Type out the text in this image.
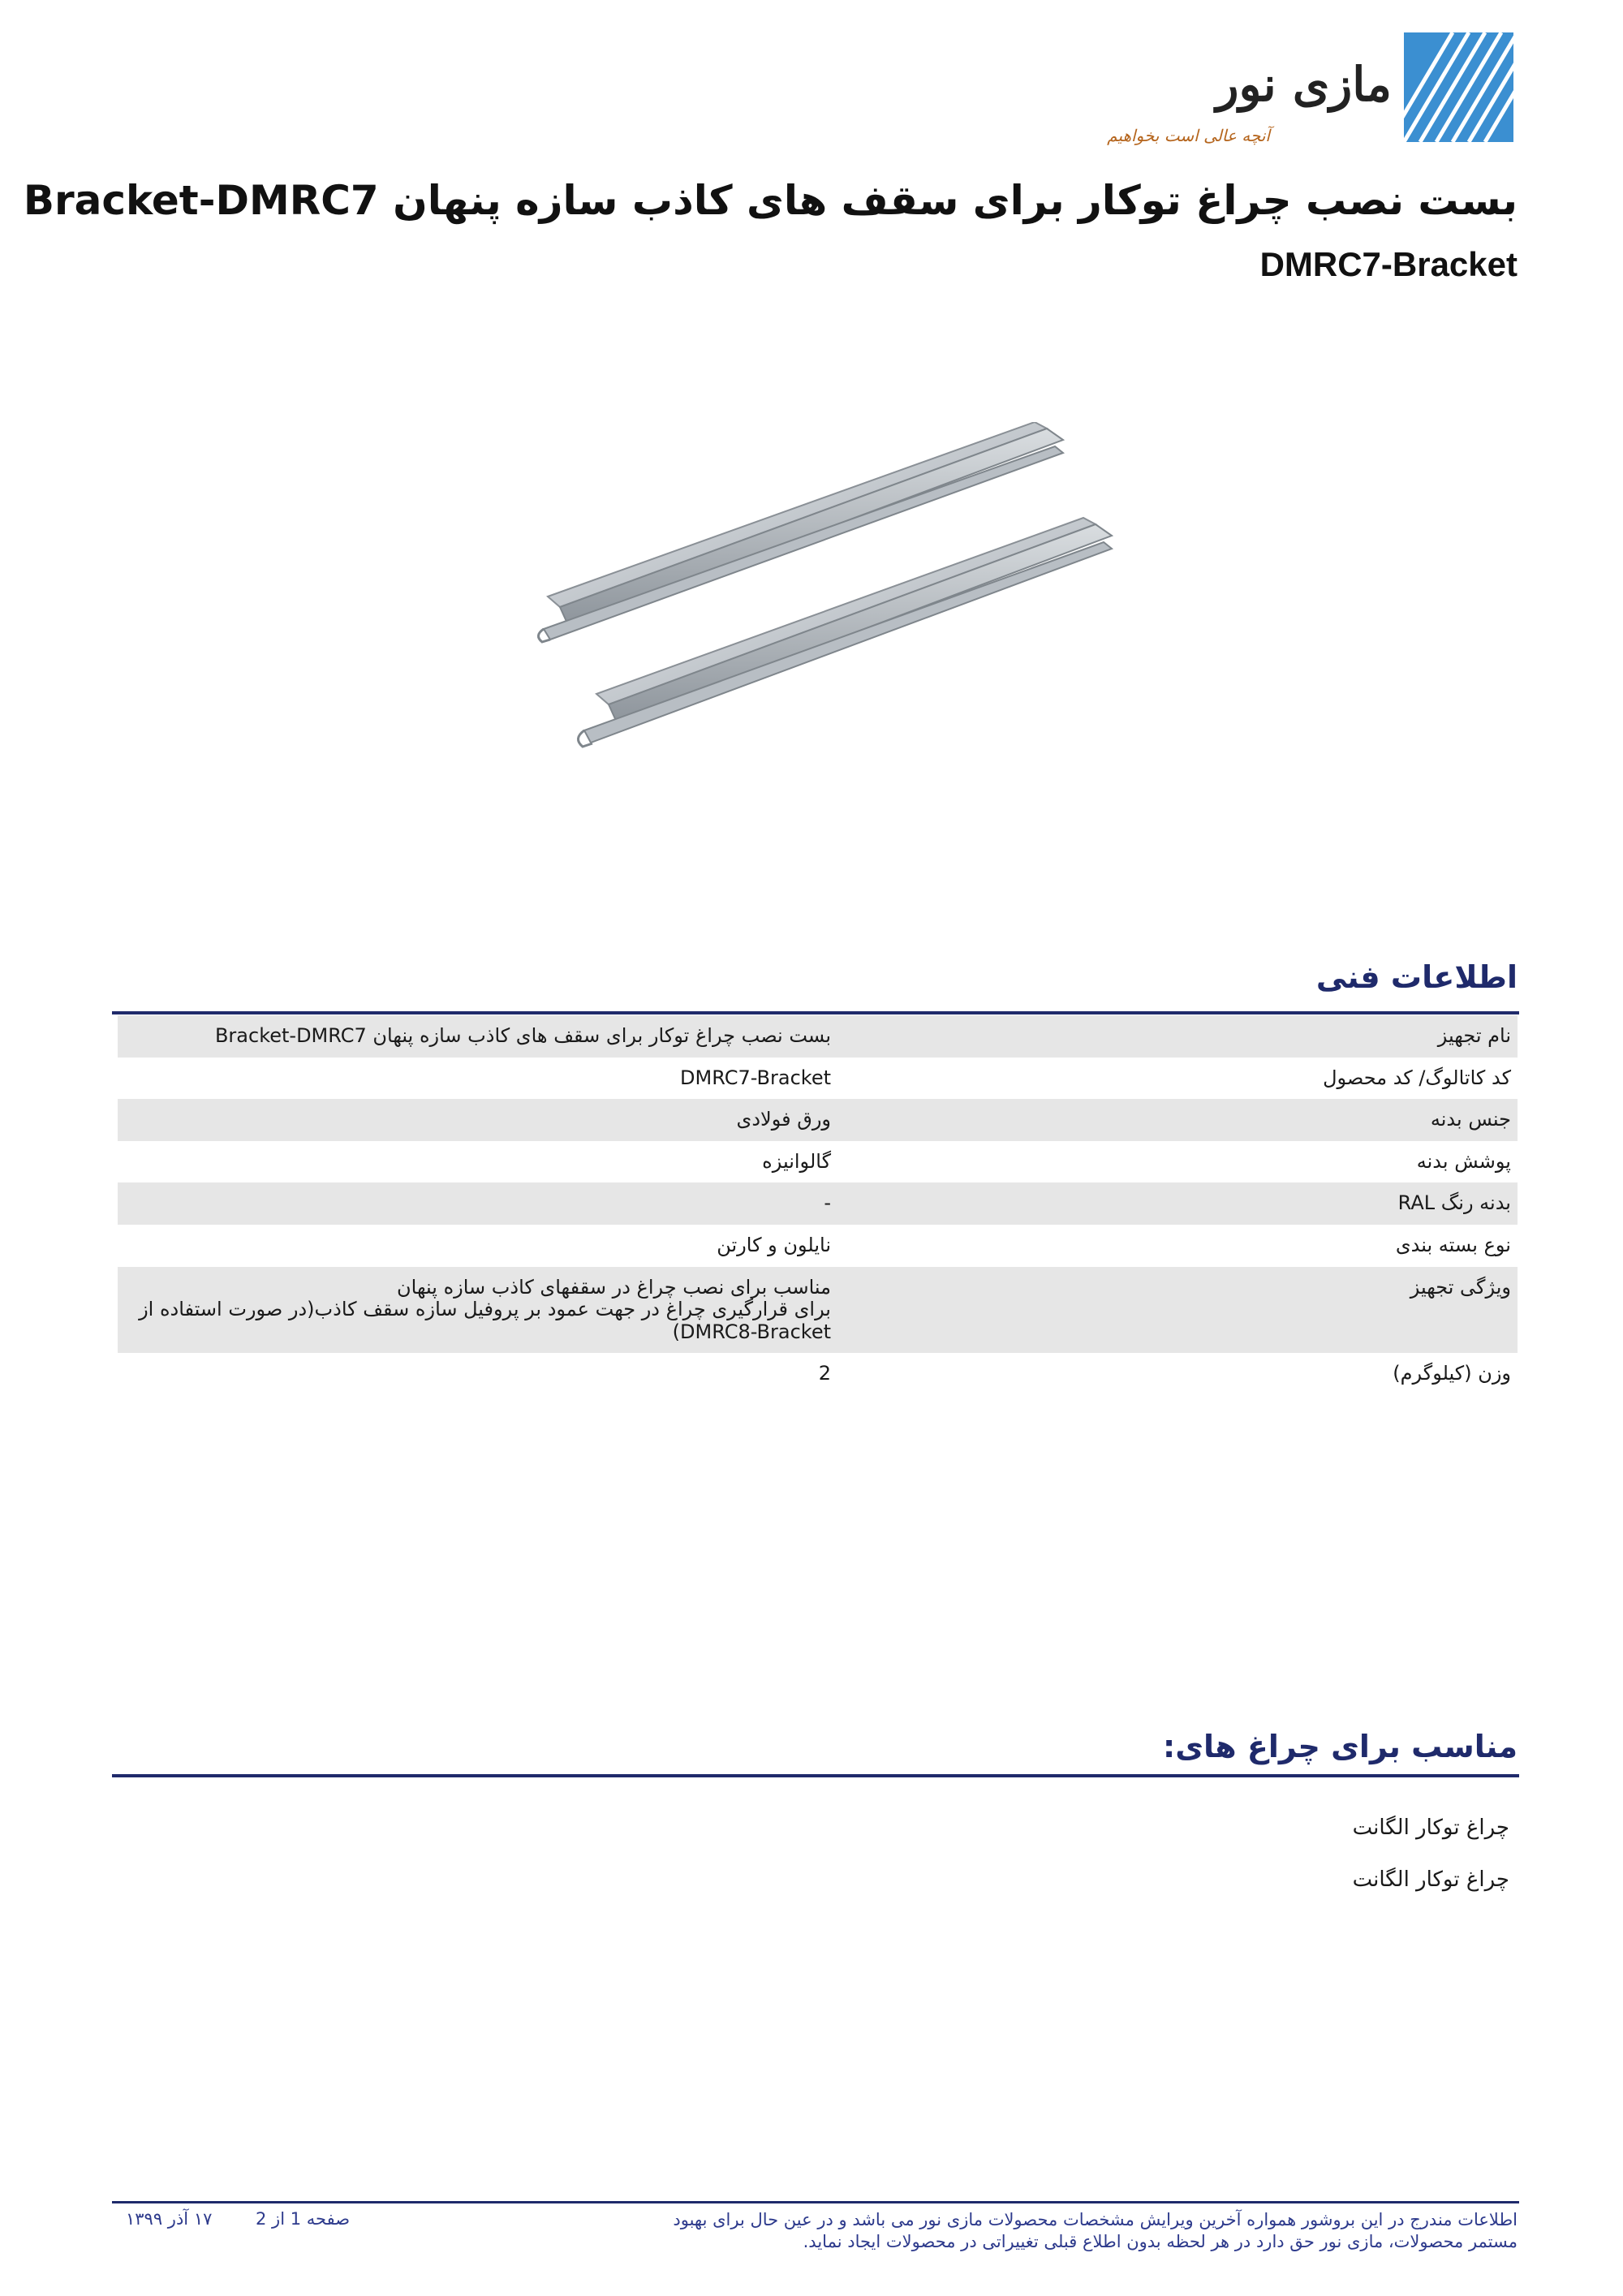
مازی نور
آنچه عالی است بخواهیم
بست نصب چراغ توکار برای سقف های کاذب سازه پنهان Bracket-DMRC7
DMRC7-Bracket
اطلاعات فنی
نام تجهیز	بست نصب چراغ توکار برای سقف های کاذب سازه پنهان Bracket-DMRC7
کد کاتالوگ/ کد محصول	DMRC7-Bracket
جنس بدنه	ورق فولادی
پوشش بدنه	گالوانیزه
بدنه رنگ RAL	-
نوع بسته بندی	نایلون و کارتن
ویژگی تجهیز	مناسب برای نصب چراغ در سقفهای کاذب سازه پنهان
برای قرارگیری چراغ در جهت عمود بر پروفیل سازه سقف کاذب(در صورت استفاده از DMRC8-Bracket)
وزن (کیلوگرم)	2
مناسب برای چراغ های:
چراغ توکار الگانت
چراغ توکار الگانت
اطلاعات مندرج در این بروشور همواره آخرین ویرایش مشخصات محصولات مازی نور می باشد و در عین حال برای بهبود مستمر محصولات، مازی نور حق دارد در هر لحظه بدون اطلاع قبلی تغییراتی در محصولات ایجاد نماید.
صفحه 1 از 2
۱۷ آذر ۱۳۹۹
